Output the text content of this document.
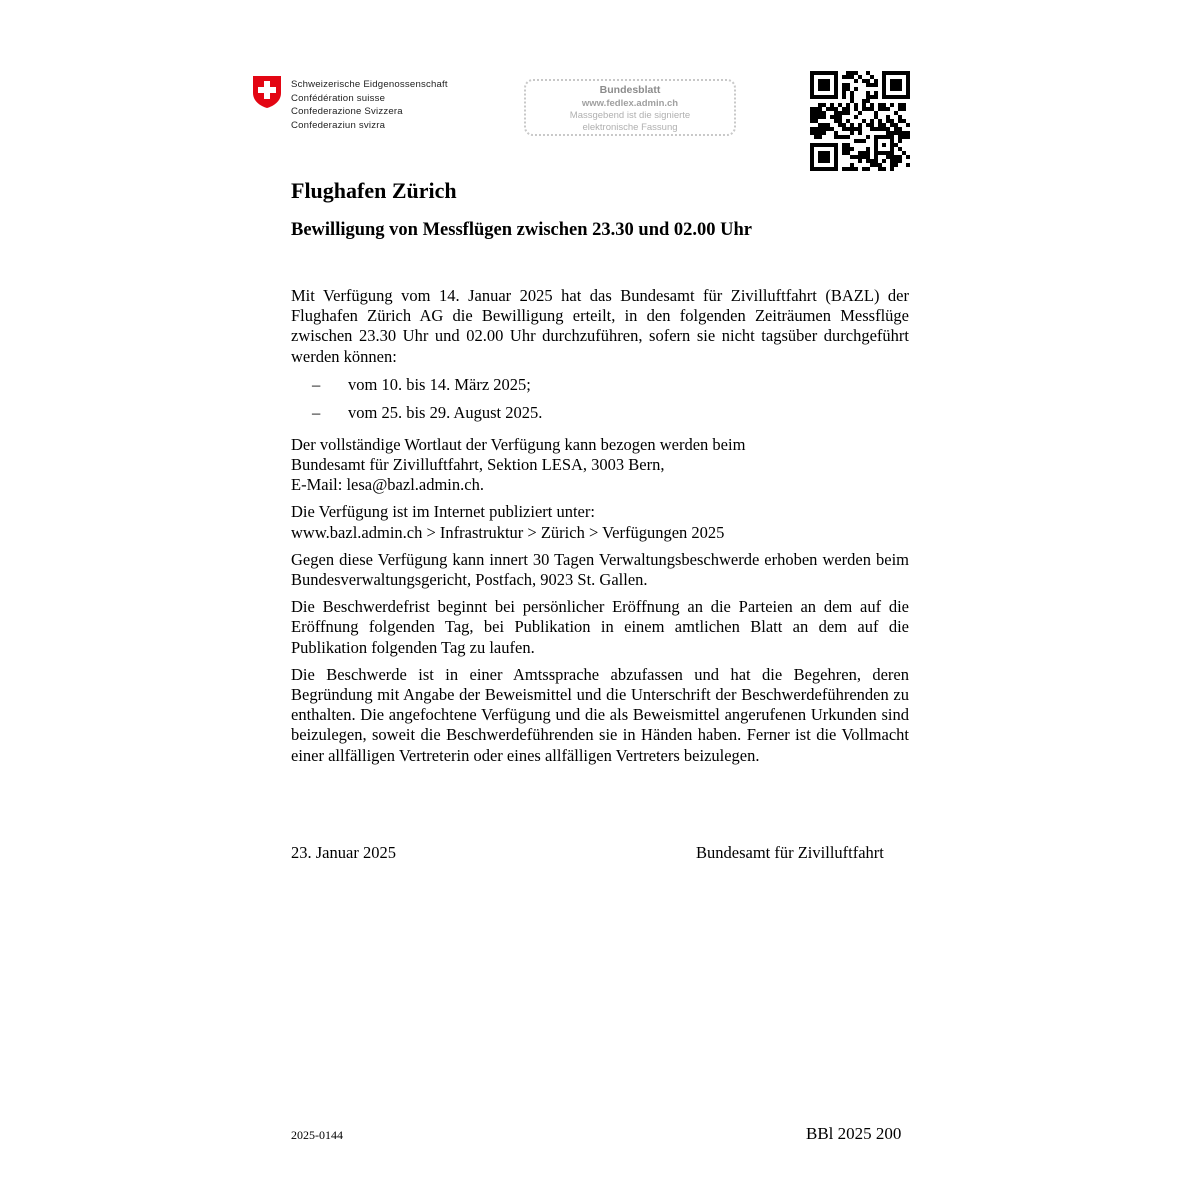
Schweizerische Eidgenossenschaft
Confédération suisse
Confederazione Svizzera
Confederaziun svizra
Bundesblatt
www.fedlex.admin.ch
Massgebend ist die signierte
elektronische Fassung
Flughafen Zürich
Bewilligung von Messflügen zwischen 23.30 und 02.00 Uhr

Mit Verfügung vom 14. Januar 2025 hat das Bundesamt für Zivilluftfahrt (BAZL) der Flughafen Zürich AG die Bewilligung erteilt, in den folgenden Zeiträumen Messflüge zwischen 23.30 Uhr und 02.00 Uhr durchzuführen, sofern sie nicht tagsüber durchgeführt werden können:

– vom 10. bis 14. März 2025;
– vom 25. bis 29. August 2025.

Der vollständige Wortlaut der Verfügung kann bezogen werden beim
Bundesamt für Zivilluftfahrt, Sektion LESA, 3003 Bern,
E-Mail: lesa@bazl.admin.ch.

Die Verfügung ist im Internet publiziert unter:
www.bazl.admin.ch > Infrastruktur > Zürich > Verfügungen 2025

Gegen diese Verfügung kann innert 30 Tagen Verwaltungsbeschwerde erhoben werden beim Bundesverwaltungsgericht, Postfach, 9023 St. Gallen.

Die Beschwerdefrist beginnt bei persönlicher Eröffnung an die Parteien an dem auf die Eröffnung folgenden Tag, bei Publikation in einem amtlichen Blatt an dem auf die Publikation folgenden Tag zu laufen.

Die Beschwerde ist in einer Amtssprache abzufassen und hat die Begehren, deren Begründung mit Angabe der Beweismittel und die Unterschrift der Beschwerdeführenden zu enthalten. Die angefochtene Verfügung und die als Beweismittel angerufenen Urkunden sind beizulegen, soweit die Beschwerdeführenden sie in Händen haben. Ferner ist die Vollmacht einer allfälligen Vertreterin oder eines allfälligen Vertreters beizulegen.

23. Januar 2025	Bundesamt für Zivilluftfahrt
2025-0144	BBl 2025 200
